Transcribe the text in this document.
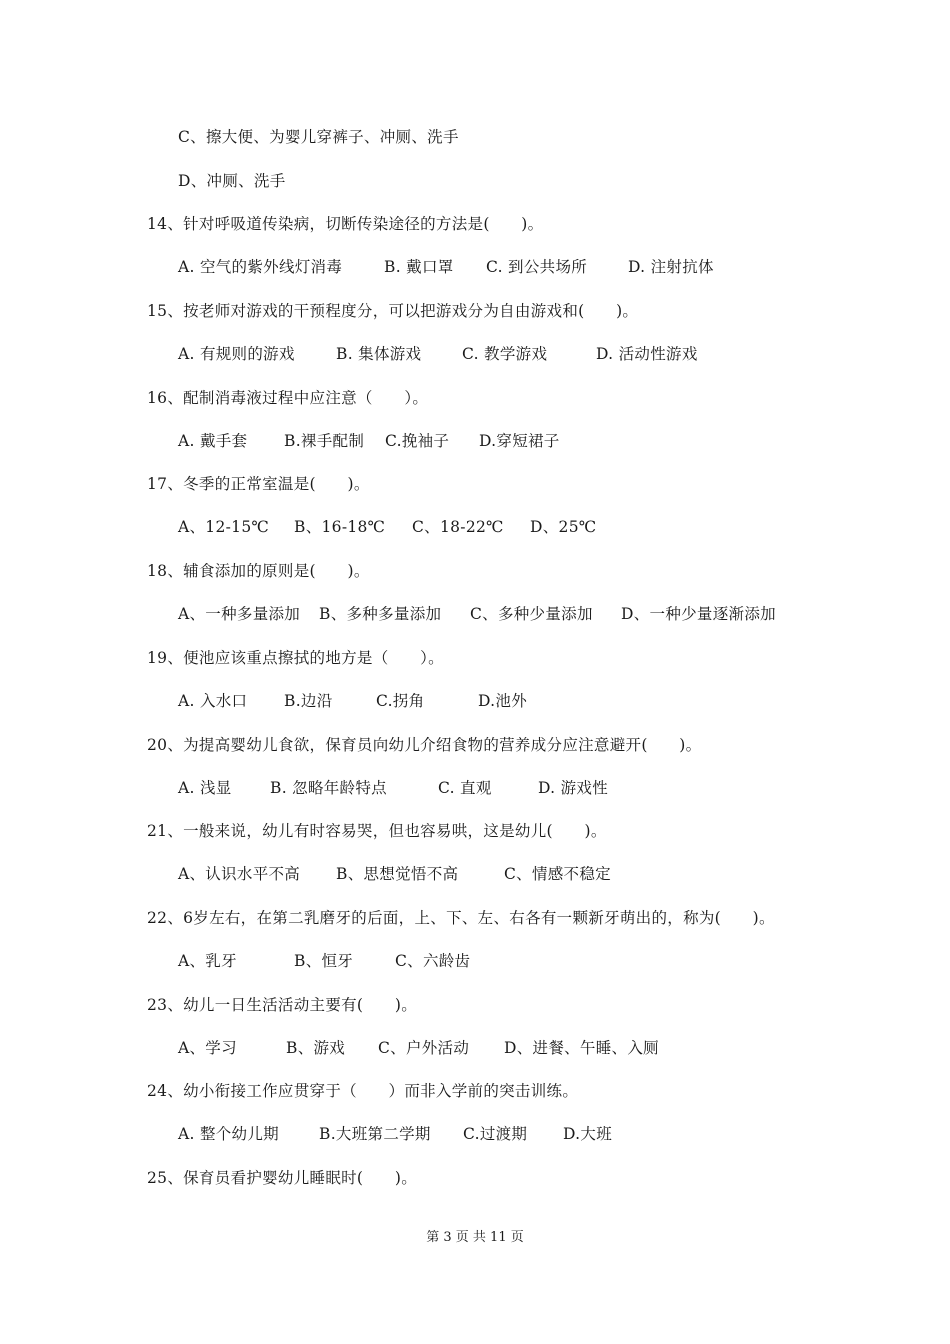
C、擦大便、为婴儿穿裤子、冲厕、洗手
D、冲厕、洗手
14、针对呼吸道传染病，切断传染途径的方法是(　　)。
A. 空气的紫外线灯消毒	B. 戴口罩 C. 到公共场所	D. 注射抗体
15、按老师对游戏的干预程度分，可以把游戏分为自由游戏和(　　)。
A. 有规则的游戏	B. 集体游戏	C. 教学游戏	D. 活动性游戏
16、配制消毒液过程中应注意（　　）。
A. 戴手套 B.裸手配制 C.挽袖子 D.穿短裙子
17、冬季的正常室温是(　　)。
A、12-15℃ B、16-18℃ C、18-22℃ D、25℃
18、辅食添加的原则是(　　)。
A、一种多量添加 B、多种多量添加 C、多种少量添加 D、一种少量逐渐添加
19、便池应该重点擦拭的地方是（　　）。
A. 入水口 B.边沿	C.拐角	D.池外
20、为提高婴幼儿食欲，保育员向幼儿介绍食物的营养成分应注意避开(　　)。
A. 浅显 B. 忽略年龄特点	C. 直观	D. 游戏性
21、一般来说，幼儿有时容易哭，但也容易哄，这是幼儿(　　)。
A、认识水平不高 B、思想觉悟不高	C、情感不稳定
22、6岁左右，在第二乳磨牙的后面，上、下、左、右各有一颗新牙萌出的，称为(　　)。
A、乳牙	B、恒牙	C、六龄齿
23、幼儿一日生活活动主要有(　　)。
A、学习	B、游戏 C、户外活动 D、进餐、午睡、入厕
24、幼小衔接工作应贯穿于（　　）而非入学前的突击训练。
A. 整个幼儿期	B.大班第二学期 C.过渡期 D.大班
25、保育员看护婴幼儿睡眠时(　　)。
第 3 页 共 11 页
